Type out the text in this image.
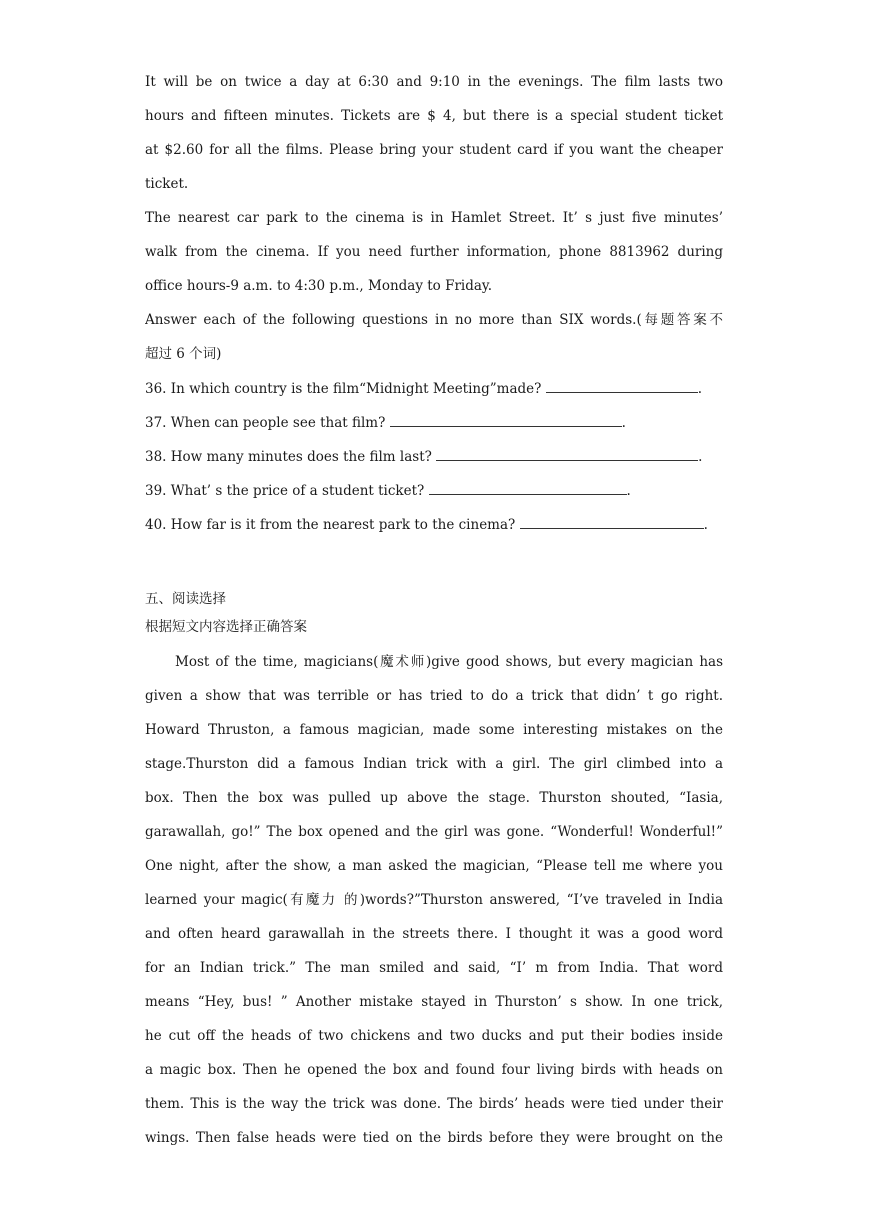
It will be on twice a day at 6:30 and 9:10 in the evenings. The film lasts two
hours and fifteen minutes. Tickets are $ 4, but there is a special student ticket
at $2.60 for all the films. Please bring your student card if you want the cheaper
ticket.
The nearest car park to the cinema is in Hamlet Street. It’ s just five minutes’
walk from the cinema. If you need further information, phone 8813962 during
office hours-9 a.m. to 4:30 p.m., Monday to Friday.
Answer each of the following questions in no more than SIX words.(每题答案不
超过 6 个词)
36. In which country is the film“Midnight Meeting”made?	.
37. When can people see that film?	.
38. How many minutes does the film last?	.
39. What’ s the price of a student ticket?	.
40. How far is it from the nearest park to the cinema?	.
五、阅读选择
根据短文内容选择正确答案
Most of the time, magicians(魔术师)give good shows, but every magician has
given a show that was terrible or has tried to do a trick that didn’ t go right.
Howard Thruston, a famous magician, made some interesting mistakes on the
stage.Thurston did a famous Indian trick with a girl. The girl climbed into a
box. Then the box was pulled up above the stage. Thurston shouted, “Iasia,
garawallah, go!” The box opened and the girl was gone. “Wonderful! Wonderful!”
One night, after the show, a man asked the magician, “Please tell me where you
learned your magic(有魔力 的)words?”Thurston answered, “I’ve traveled in India
and often heard garawallah in the streets there. I thought it was a good word
for an Indian trick.” The man smiled and said, “I’ m from India. That word
means “Hey, bus! ” Another mistake stayed in Thurston’ s show. In one trick,
he cut off the heads of two chickens and two ducks and put their bodies inside
a magic box. Then he opened the box and found four living birds with heads on
them. This is the way the trick was done. The birds’ heads were tied under their
wings. Then false heads were tied on the birds before they were brought on the
